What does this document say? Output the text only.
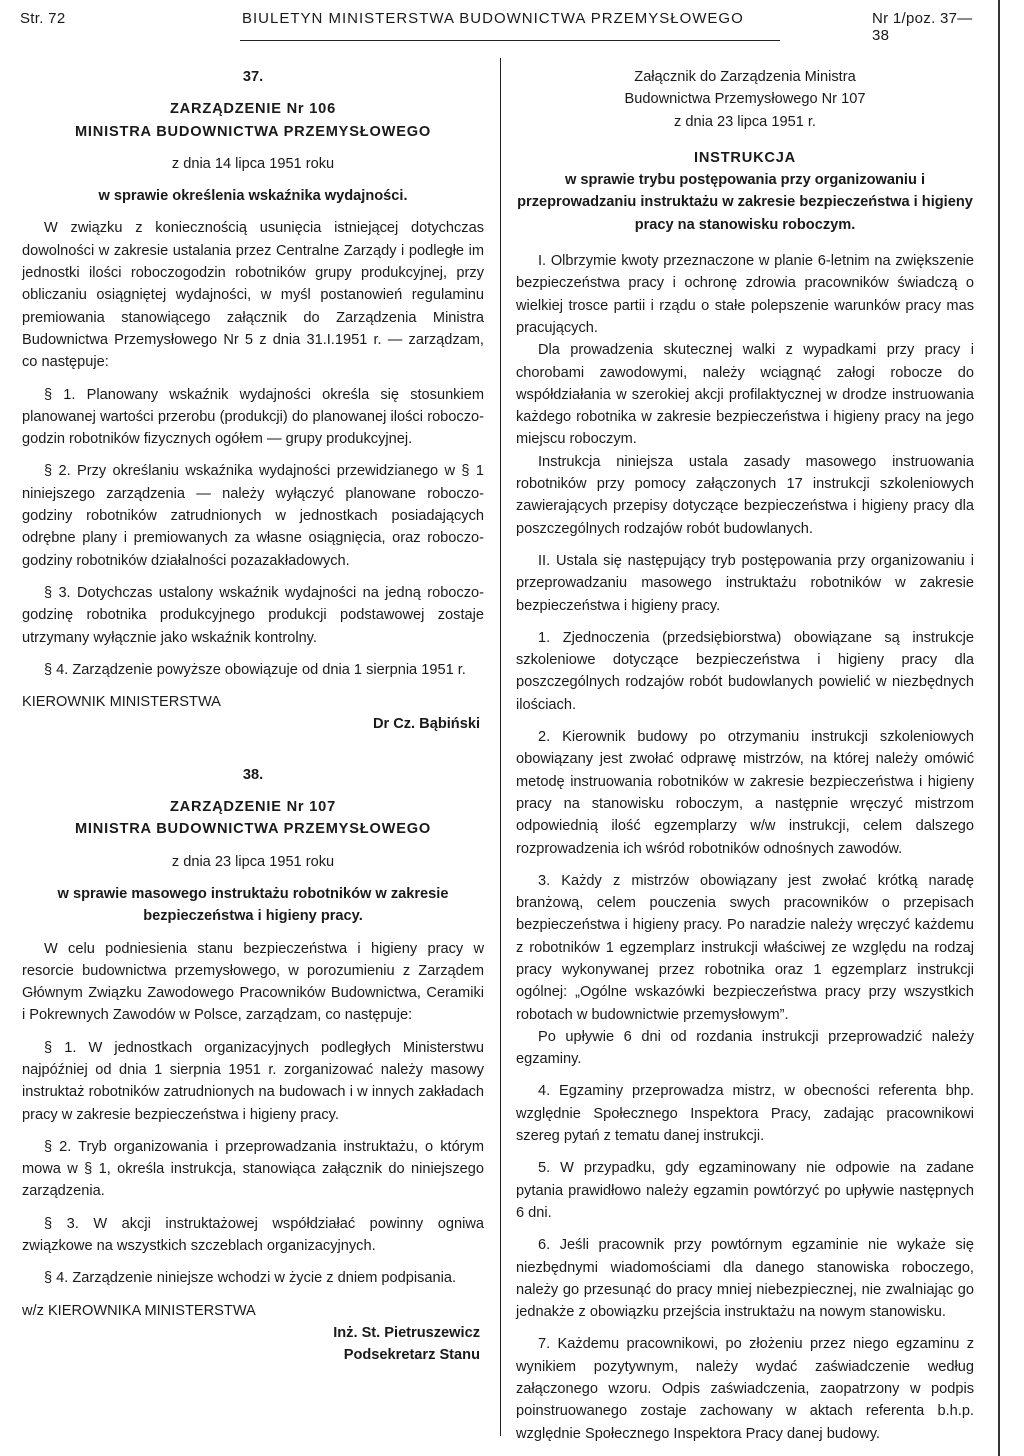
Str. 72	BIULETYN MINISTERSTWA BUDOWNICTWA PRZEMYSŁOWEGO	Nr 1/poz. 37—38

37.

ZARZĄDZENIE Nr 106

MINISTRA BUDOWNICTWA PRZEMYSŁOWEGO

z dnia 14 lipca 1951 roku

w sprawie określenia wskaźnika wydajności.

W związku z koniecznością usunięcia istniejącej dotychczas dowolności w zakresie ustalania przez Centralne Zarządy i podległe im jednostki ilości roboczogodzin robotników grupy produkcyjnej, przy obliczaniu osiągniętej wydajności, w myśl postanowień regulaminu premiowania stanowiącego załącznik do Zarządzenia Ministra Budownictwa Przemysłowego Nr 5 z dnia 31.I.1951 r. — zarządzam, co następuje:

§ 1. Planowany wskaźnik wydajności określa się stosunkiem planowanej wartości przerobu (produkcji) do planowanej ilości roboczo-godzin robotników fizycznych ogółem — grupy produkcyjnej.

§ 2. Przy określaniu wskaźnika wydajności przewidzianego w § 1 niniejszego zarządzenia — należy wyłączyć planowane roboczo-godziny robotników zatrudnionych w jednostkach posiadających odrębne plany i premiowanych za własne osiągnięcia, oraz roboczo-godziny robotników działalności pozazakładowych.

§ 3. Dotychczas ustalony wskaźnik wydajności na jedną roboczo-godzinę robotnika produkcyjnego produkcji podstawowej zostaje utrzymany wyłącznie jako wskaźnik kontrolny.

§ 4. Zarządzenie powyższe obowiązuje od dnia 1 sierpnia 1951 r.

KIEROWNIK MINISTERSTWA

Dr Cz. Bąbiński

38.

ZARZĄDZENIE Nr 107

MINISTRA BUDOWNICTWA PRZEMYSŁOWEGO

z dnia 23 lipca 1951 roku

w sprawie masowego instruktażu robotników w zakresie

bezpieczeństwa i higieny pracy.

W celu podniesienia stanu bezpieczeństwa i higieny pracy w resorcie budownictwa przemysłowego, w porozumieniu z Zarządem Głównym Związku Zawodowego Pracowników Budownictwa, Ceramiki i Pokrewnych Zawodów w Polsce, zarządzam, co następuje:

§ 1. W jednostkach organizacyjnych podległych Ministerstwu najpóźniej od dnia 1 sierpnia 1951 r. zorganizować należy masowy instruktaż robotników zatrudnionych na budowach i w innych zakładach pracy w zakresie bezpieczeństwa i higieny pracy.

§ 2. Tryb organizowania i przeprowadzania instruktażu, o którym mowa w § 1, określa instrukcja, stanowiąca załącznik do niniejszego zarządzenia.

§ 3. W akcji instruktażowej współdziałać powinny ogniwa związkowe na wszystkich szczeblach organizacyjnych.

§ 4. Zarządzenie niniejsze wchodzi w życie z dniem podpisania.

w/z KIEROWNIKA MINISTERSTWA

Inż. St. Pietruszewicz

Podsekretarz Stanu

Załącznik do Zarządzenia Ministra

Budownictwa Przemysłowego Nr 107

z dnia 23 lipca 1951 r.

INSTRUKCJA

w sprawie trybu postępowania przy organizowaniu i przeprowadzaniu instruktażu w zakresie bezpieczeństwa i higieny pracy na stanowisku roboczym.

I. Olbrzymie kwoty przeznaczone w planie 6-letnim na zwiększenie bezpieczeństwa pracy i ochronę zdrowia pracowników świadczą o wielkiej trosce partii i rządu o stałe polepszenie warunków pracy mas pracujących.

Dla prowadzenia skutecznej walki z wypadkami przy pracy i chorobami zawodowymi, należy wciągnąć załogi robocze do współdziałania w szerokiej akcji profilaktycznej w drodze instruowania każdego robotnika w zakresie bezpieczeństwa i higieny pracy na jego miejscu roboczym.

Instrukcja niniejsza ustala zasady masowego instruowania robotników przy pomocy załączonych 17 instrukcji szkoleniowych zawierających przepisy dotyczące bezpieczeństwa i higieny pracy dla poszczególnych rodzajów robót budowlanych.

II. Ustala się następujący tryb postępowania przy organizowaniu i przeprowadzaniu masowego instruktażu robotników w zakresie bezpieczeństwa i higieny pracy.

1. Zjednoczenia (przedsiębiorstwa) obowiązane są instrukcje szkoleniowe dotyczące bezpieczeństwa i higieny pracy dla poszczególnych rodzajów robót budowlanych powielić w niezbędnych ilościach.

2. Kierownik budowy po otrzymaniu instrukcji szkoleniowych obowiązany jest zwołać odprawę mistrzów, na której należy omówić metodę instruowania robotników w zakresie bezpieczeństwa i higieny pracy na stanowisku roboczym, a następnie wręczyć mistrzom odpowiednią ilość egzemplarzy w/w instrukcji, celem dalszego rozprowadzenia ich wśród robotników odnośnych zawodów.

3. Każdy z mistrzów obowiązany jest zwołać krótką naradę branżową, celem pouczenia swych pracowników o przepisach bezpieczeństwa i higieny pracy. Po naradzie należy wręczyć każdemu z robotników 1 egzemplarz instrukcji właściwej ze względu na rodzaj pracy wykonywanej przez robotnika oraz 1 egzemplarz instrukcji ogólnej: „Ogólne wskazówki bezpieczeństwa pracy przy wszystkich robotach w budownictwie przemysłowym”.

Po upływie 6 dni od rozdania instrukcji przeprowadzić należy egzaminy.

4. Egzaminy przeprowadza mistrz, w obecności referenta bhp. względnie Społecznego Inspektora Pracy, zadając pracownikowi szereg pytań z tematu danej instrukcji.

5. W przypadku, gdy egzaminowany nie odpowie na zadane pytania prawidłowo należy egzamin powtórzyć po upływie następnych 6 dni.

6. Jeśli pracownik przy powtórnym egzaminie nie wykaże się niezbędnymi wiadomościami dla danego stanowiska roboczego, należy go przesunąć do pracy mniej niebezpiecznej, nie zwalniając go jednakże z obowiązku przejścia instruktażu na nowym stanowisku.

7. Każdemu pracownikowi, po złożeniu przez niego egzaminu z wynikiem pozytywnym, należy wydać zaświadczenie według załączonego wzoru. Odpis zaświadczenia, zaopatrzony w podpis poinstruowanego zostaje zachowany w aktach referenta b.h.p. względnie Społecznego Inspektora Pracy danej budowy.
